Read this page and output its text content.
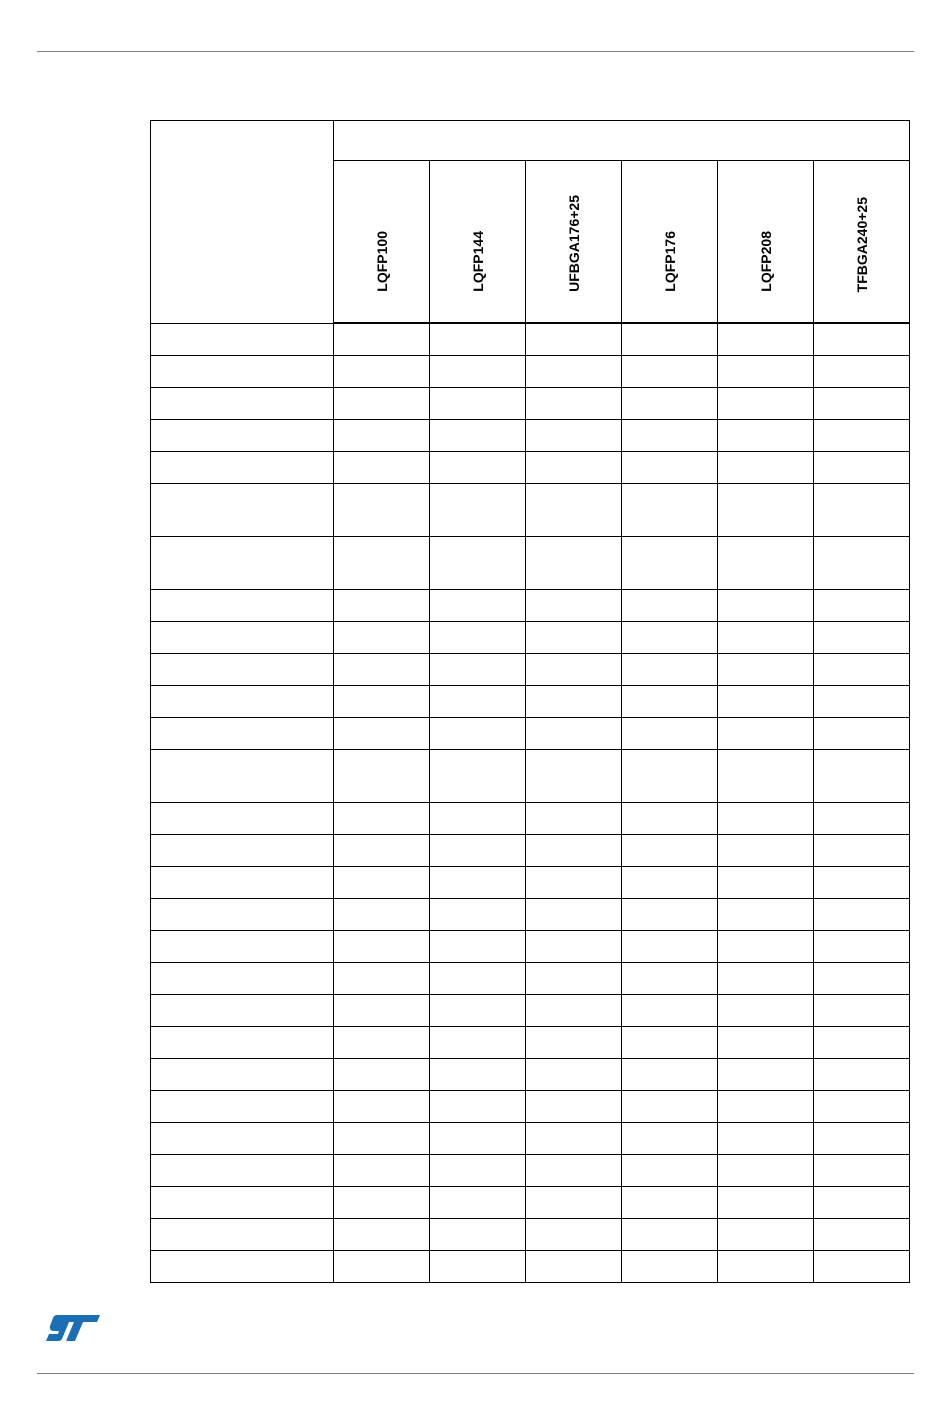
	LQFP100	LQFP144	UFBGA176+25	LQFP176	LQFP208	TFBGA240+25
